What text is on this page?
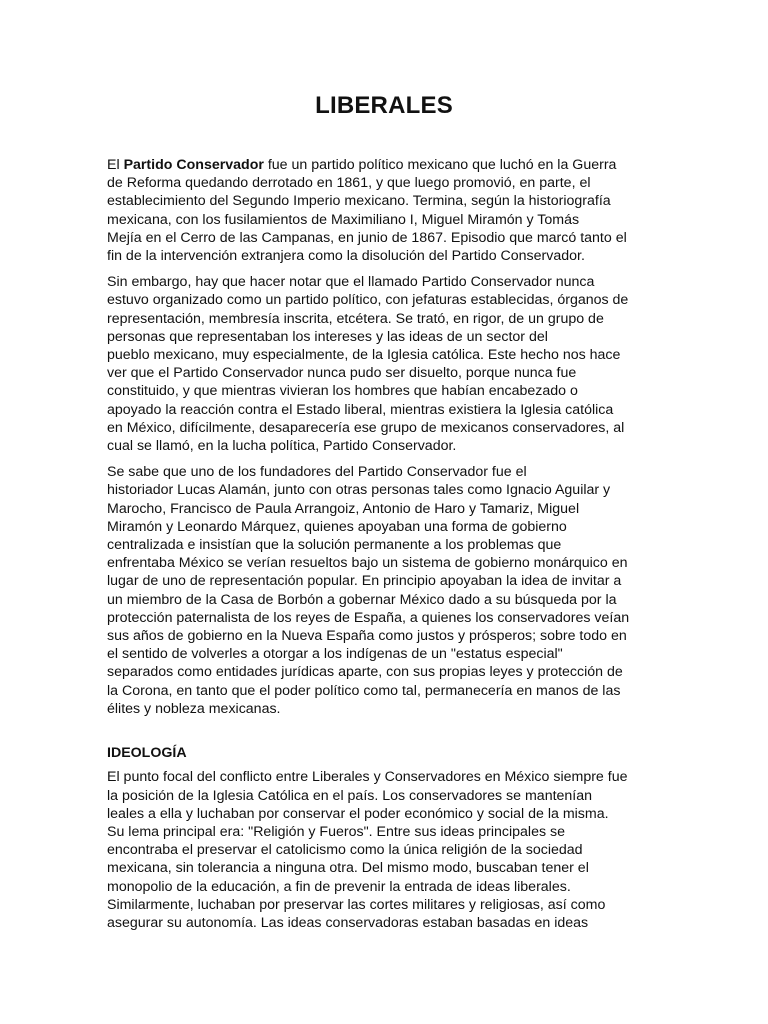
LIBERALES
El Partido Conservador fue un partido político mexicano que luchó en la Guerra
de Reforma quedando derrotado en 1861, y que luego promovió, en parte, el
establecimiento del Segundo Imperio mexicano. Termina, según la historiografía
mexicana, con los fusilamientos de Maximiliano I, Miguel Miramón y Tomás
Mejía en el Cerro de las Campanas, en junio de 1867. Episodio que marcó tanto el
fin de la intervención extranjera como la disolución del Partido Conservador.
Sin embargo, hay que hacer notar que el llamado Partido Conservador nunca
estuvo organizado como un partido político, con jefaturas establecidas, órganos de
representación, membresía inscrita, etcétera. Se trató, en rigor, de un grupo de
personas que representaban los intereses y las ideas de un sector del
pueblo mexicano, muy especialmente, de la Iglesia católica. Este hecho nos hace
ver que el Partido Conservador nunca pudo ser disuelto, porque nunca fue
constituido, y que mientras vivieran los hombres que habían encabezado o
apoyado la reacción contra el Estado liberal, mientras existiera la Iglesia católica
en México, difícilmente, desaparecería ese grupo de mexicanos conservadores, al
cual se llamó, en la lucha política, Partido Conservador.
Se sabe que uno de los fundadores del Partido Conservador fue el
historiador Lucas Alamán, junto con otras personas tales como Ignacio Aguilar y
Marocho, Francisco de Paula Arrangoiz, Antonio de Haro y Tamariz, Miguel
Miramón y Leonardo Márquez, quienes apoyaban una forma de gobierno
centralizada e insistían que la solución permanente a los problemas que
enfrentaba México se verían resueltos bajo un sistema de gobierno monárquico en
lugar de uno de representación popular. En principio apoyaban la idea de invitar a
un miembro de la Casa de Borbón a gobernar México dado a su búsqueda por la
protección paternalista de los reyes de España, a quienes los conservadores veían
sus años de gobierno en la Nueva España como justos y prósperos; sobre todo en
el sentido de volverles a otorgar a los indígenas de un "estatus especial"
separados como entidades jurídicas aparte, con sus propias leyes y protección de
la Corona, en tanto que el poder político como tal, permanecería en manos de las
élites y nobleza mexicanas.
IDEOLOGÍA
El punto focal del conflicto entre Liberales y Conservadores en México siempre fue
la posición de la Iglesia Católica en el país. Los conservadores se mantenían
leales a ella y luchaban por conservar el poder económico y social de la misma.
Su lema principal era: "Religión y Fueros". Entre sus ideas principales se
encontraba el preservar el catolicismo como la única religión de la sociedad
mexicana, sin tolerancia a ninguna otra. Del mismo modo, buscaban tener el
monopolio de la educación, a fin de prevenir la entrada de ideas liberales.
Similarmente, luchaban por preservar las cortes militares y religiosas, así como
asegurar su autonomía. Las ideas conservadoras estaban basadas en ideas
